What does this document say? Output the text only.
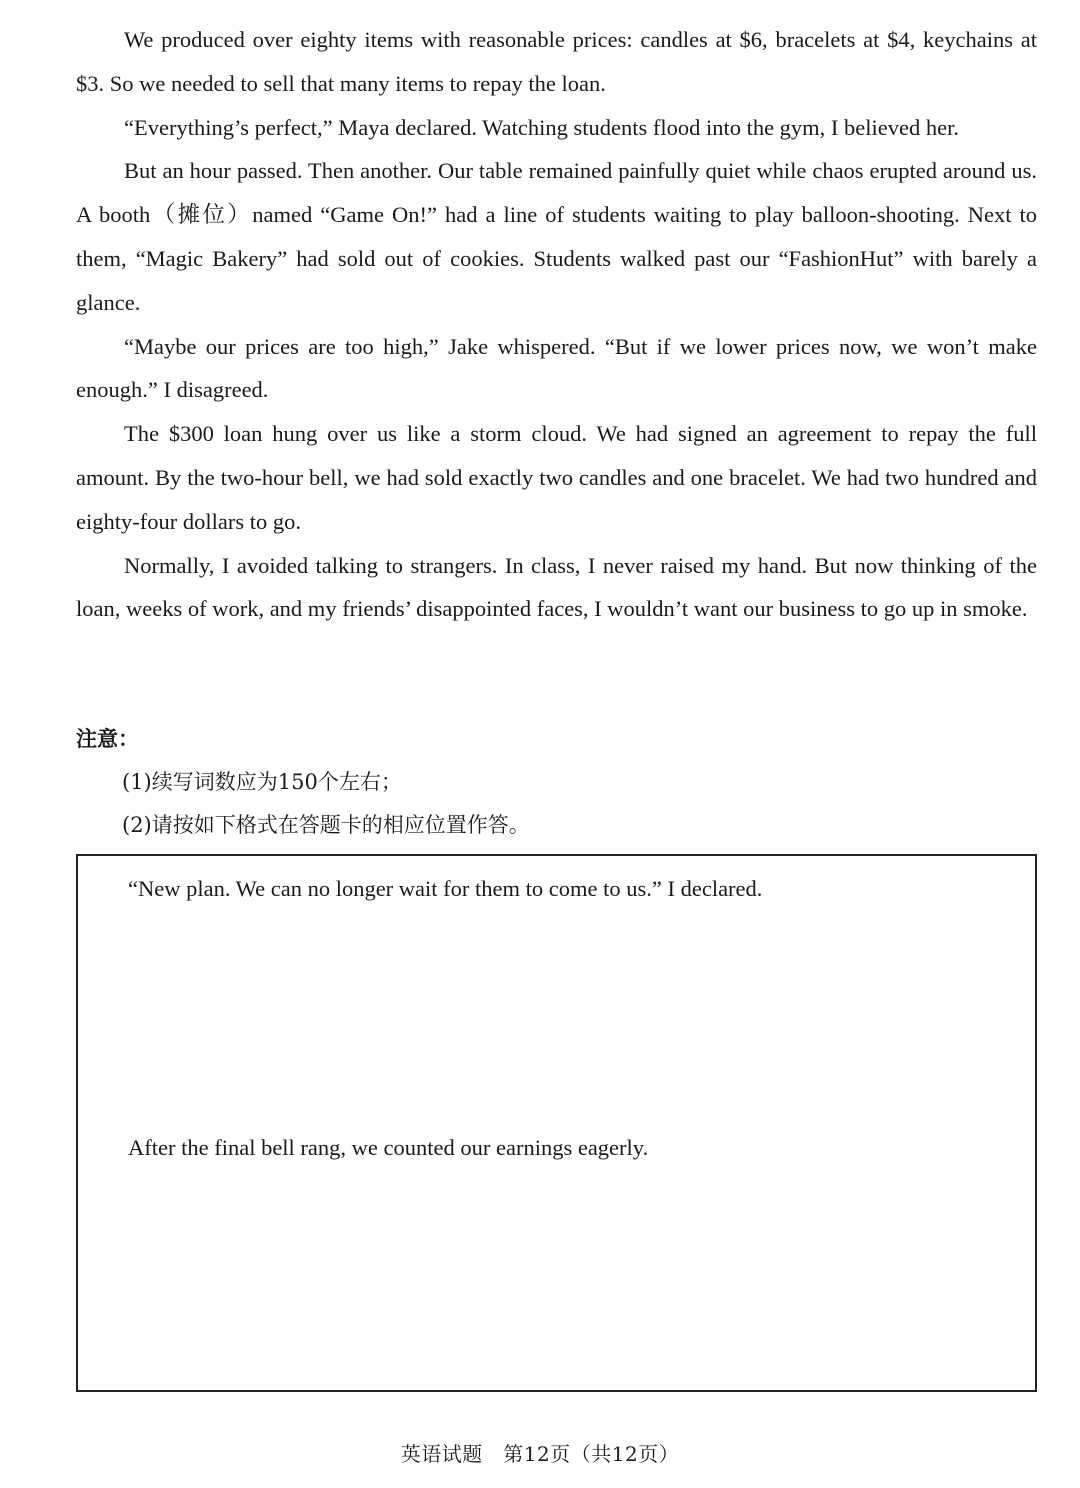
We produced over eighty items with reasonable prices: candles at $6, bracelets at $4, keychains at $3. So we needed to sell that many items to repay the loan.

“Everything’s perfect,” Maya declared. Watching students flood into the gym, I believed her.

But an hour passed. Then another. Our table remained painfully quiet while chaos erupted around us. A booth（摊位）named “Game On!” had a line of students waiting to play balloon-shooting. Next to them, “Magic Bakery” had sold out of cookies. Students walked past our “FashionHut” with barely a glance.

“Maybe our prices are too high,” Jake whispered. “But if we lower prices now, we won’t make enough.” I disagreed.

The $300 loan hung over us like a storm cloud. We had signed an agreement to repay the full amount. By the two-hour bell, we had sold exactly two candles and one bracelet. We had two hundred and eighty-four dollars to go.

Normally, I avoided talking to strangers. In class, I never raised my hand. But now thinking of the loan, weeks of work, and my friends’ disappointed faces, I wouldn’t want our business to go up in smoke.

注意：
(1)续写词数应为150个左右；
(2)请按如下格式在答题卡的相应位置作答。
“New plan. We can no longer wait for them to come to us.” I declared.
After the final bell rang, we counted our earnings eagerly.
英语试题　第12页（共12页）
